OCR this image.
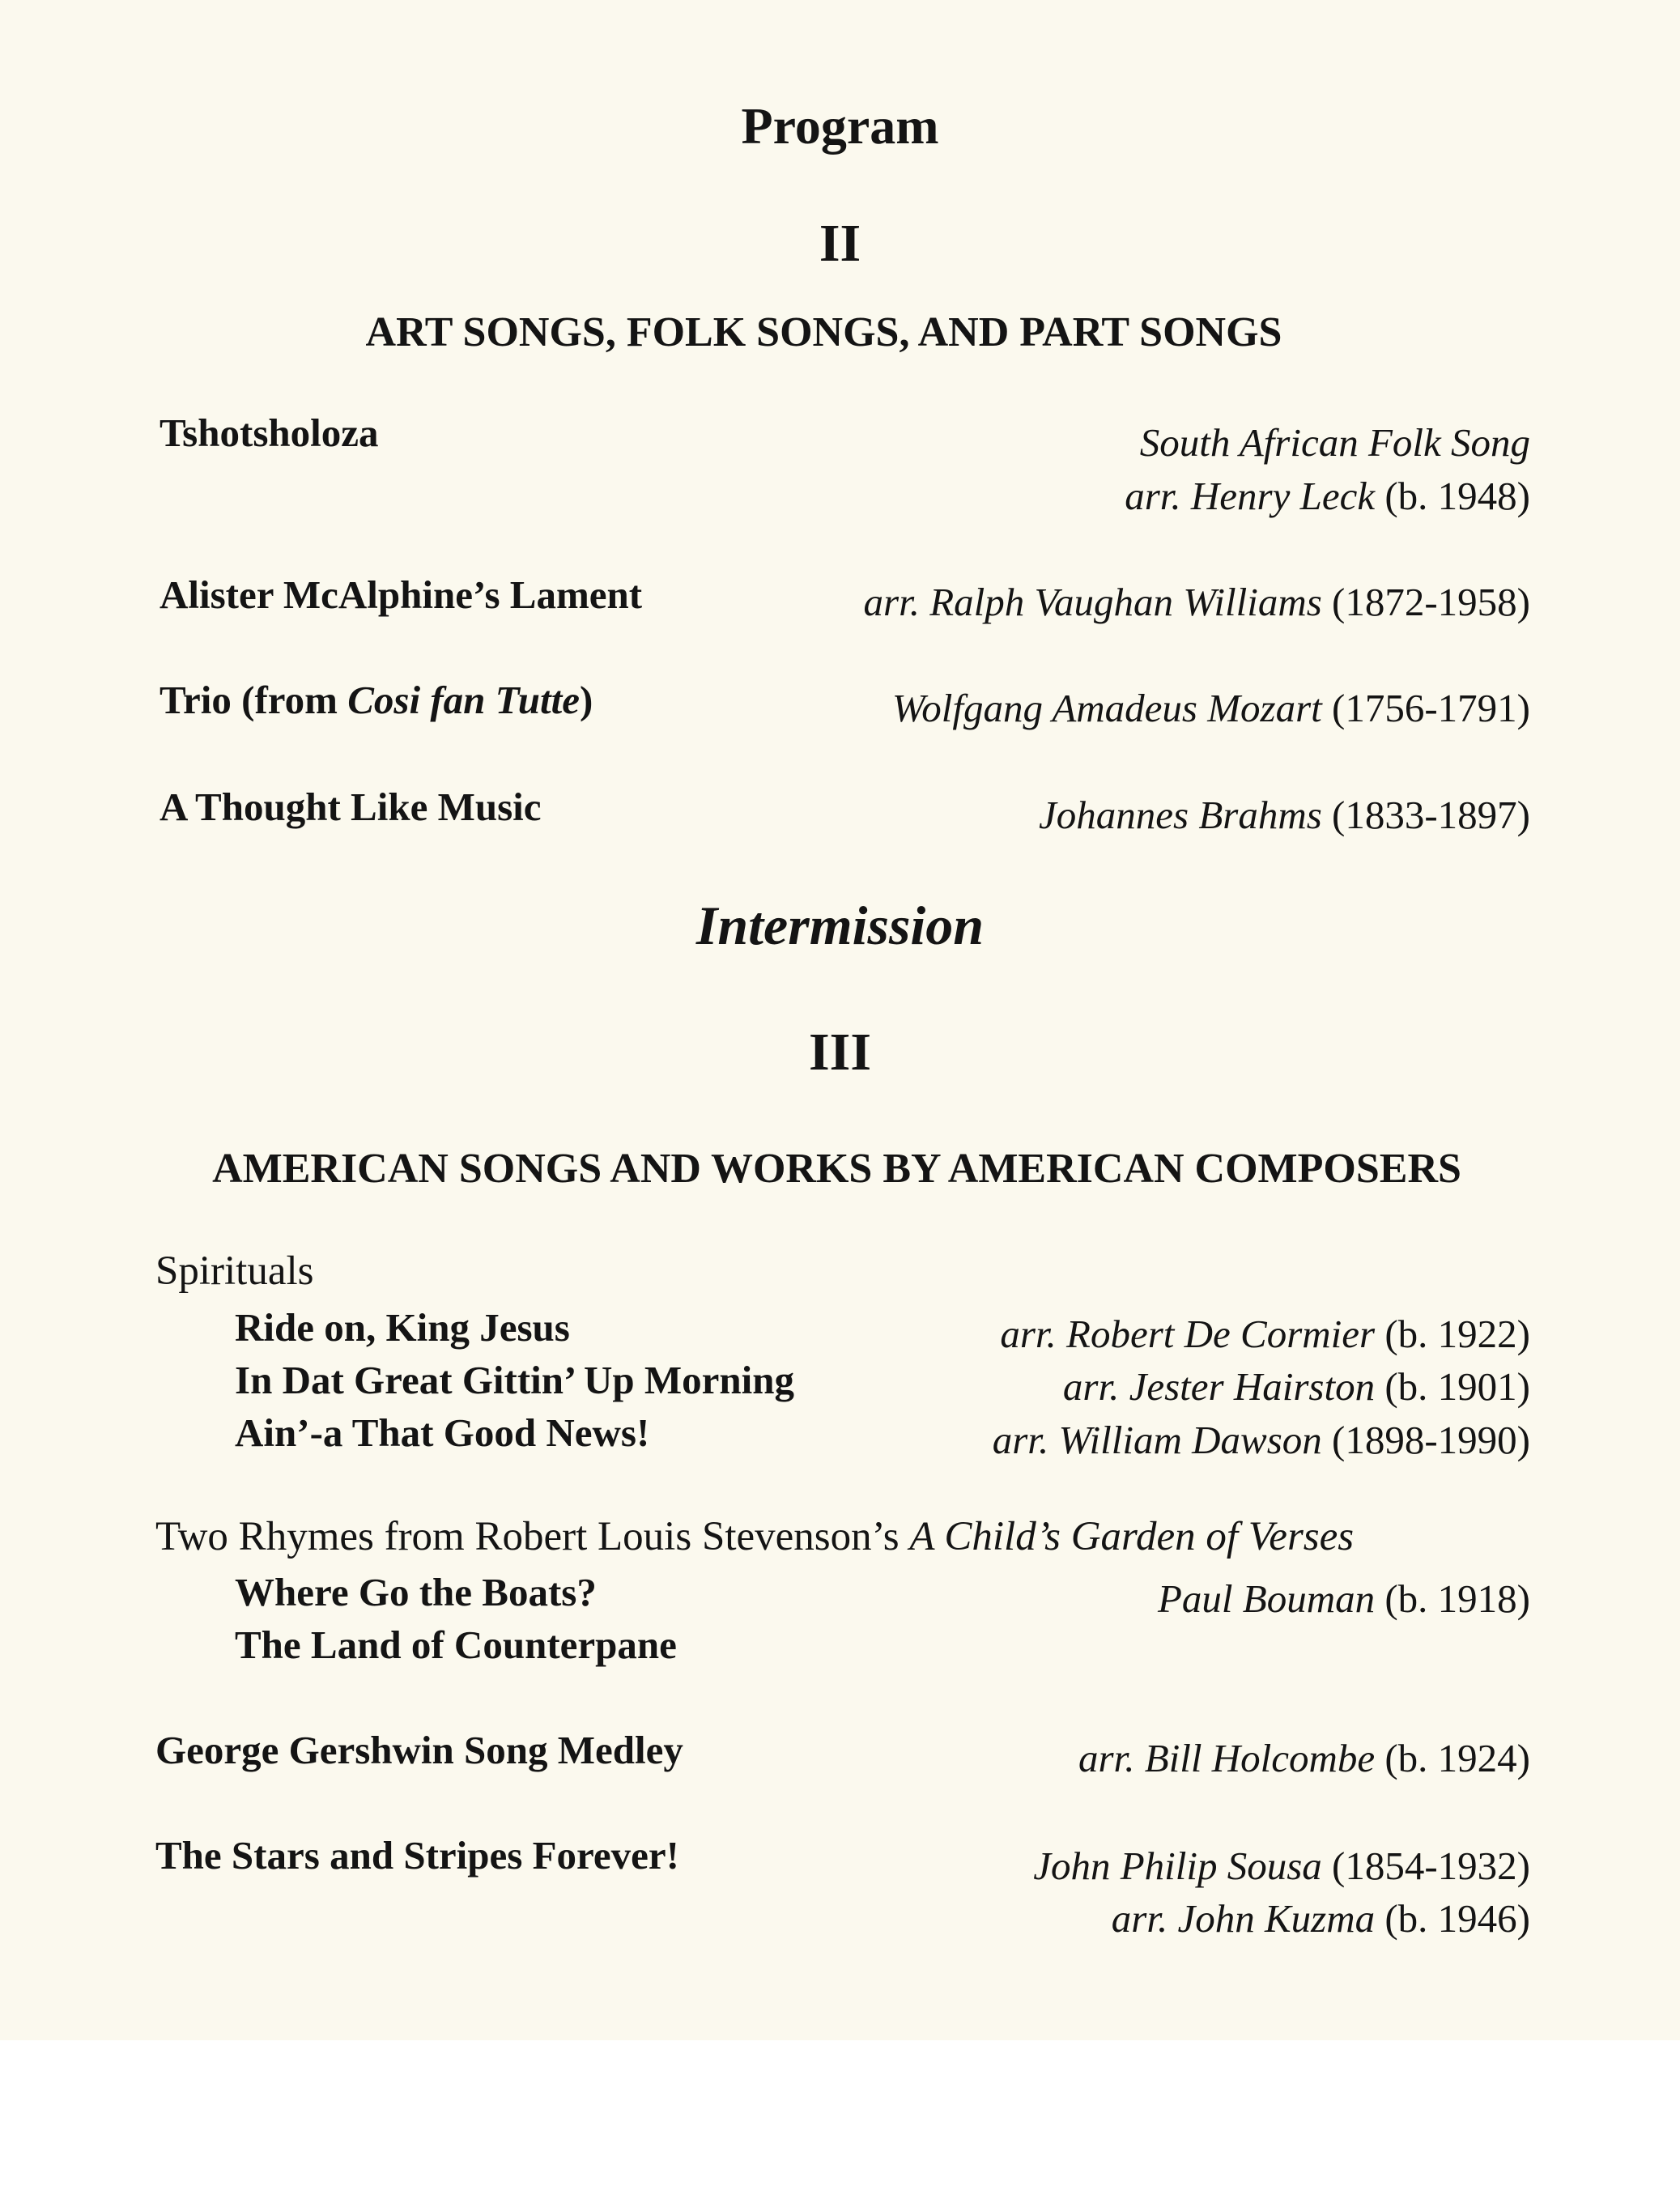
Program
II
ART SONGS, FOLK SONGS, AND PART SONGS
Tshotsholoza	South African Folk Song
arr. Henry Leck (b. 1948)
Alister McAlphine’s Lament	arr. Ralph Vaughan Williams (1872-1958)
Trio (from Cosi fan Tutte)	Wolfgang Amadeus Mozart (1756-1791)
A Thought Like Music	Johannes Brahms (1833-1897)
Intermission
III
AMERICAN SONGS AND WORKS BY AMERICAN COMPOSERS
Spirituals
Ride on, King Jesus	arr. Robert De Cormier (b. 1922)
In Dat Great Gittin’ Up Morning	arr. Jester Hairston (b. 1901)
Ain’-a That Good News!	arr. William Dawson (1898-1990)
Two Rhymes from Robert Louis Stevenson’s A Child’s Garden of Verses
Where Go the Boats?	Paul Bouman (b. 1918)
The Land of Counterpane
George Gershwin Song Medley	arr. Bill Holcombe (b. 1924)
The Stars and Stripes Forever!	John Philip Sousa (1854-1932)
arr. John Kuzma (b. 1946)
